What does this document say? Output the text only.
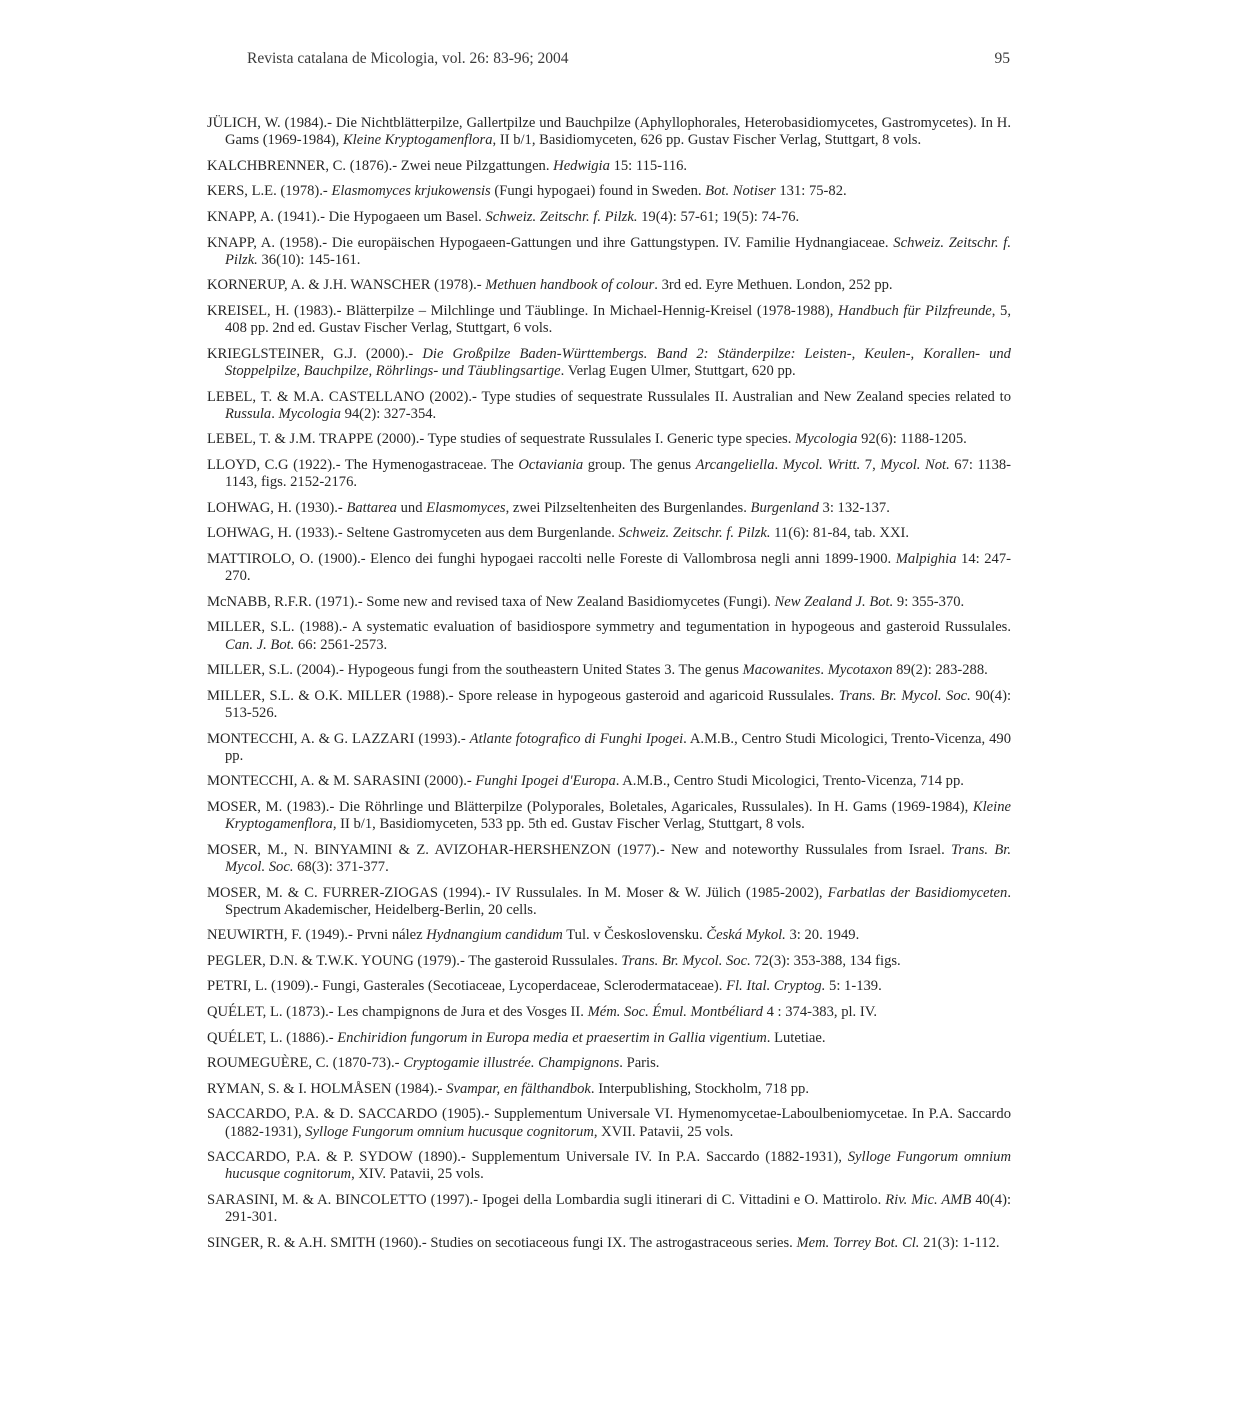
Revista catalana de Micologia, vol. 26: 83-96; 2004	95
JÜLICH, W. (1984).- Die Nichtblätterpilze, Gallertpilze und Bauchpilze (Aphyllophorales, Heterobasidiomycetes, Gastromycetes). In H. Gams (1969-1984), Kleine Kryptogamenflora, II b/1, Basidiomyceten, 626 pp. Gustav Fischer Verlag, Stuttgart, 8 vols.
KALCHBRENNER, C. (1876).- Zwei neue Pilzgattungen. Hedwigia 15: 115-116.
KERS, L.E. (1978).- Elasmomyces krjukowensis (Fungi hypogaei) found in Sweden. Bot. Notiser 131: 75-82.
KNAPP, A. (1941).- Die Hypogaeen um Basel. Schweiz. Zeitschr. f. Pilzk. 19(4): 57-61; 19(5): 74-76.
KNAPP, A. (1958).- Die europäischen Hypogaeen-Gattungen und ihre Gattungstypen. IV. Familie Hydnangiaceae. Schweiz. Zeitschr. f. Pilzk. 36(10): 145-161.
KORNERUP, A. & J.H. WANSCHER (1978).- Methuen handbook of colour. 3rd ed. Eyre Methuen. London, 252 pp.
KREISEL, H. (1983).- Blätterpilze – Milchlinge und Täublinge. In Michael-Hennig-Kreisel (1978-1988), Handbuch für Pilzfreunde, 5, 408 pp. 2nd ed. Gustav Fischer Verlag, Stuttgart, 6 vols.
KRIEGLSTEINER, G.J. (2000).- Die Großpilze Baden-Württembergs. Band 2: Ständerpilze: Leisten-, Keulen-, Korallen- und Stoppelpilze, Bauchpilze, Röhrlings- und Täublingsartige. Verlag Eugen Ulmer, Stuttgart, 620 pp.
LEBEL, T. & M.A. CASTELLANO (2002).- Type studies of sequestrate Russulales II. Australian and New Zealand species related to Russula. Mycologia 94(2): 327-354.
LEBEL, T. & J.M. TRAPPE (2000).- Type studies of sequestrate Russulales I. Generic type species. Mycologia 92(6): 1188-1205.
LLOYD, C.G (1922).- The Hymenogastraceae. The Octaviania group. The genus Arcangeliella. Mycol. Writt. 7, Mycol. Not. 67: 1138-1143, figs. 2152-2176.
LOHWAG, H. (1930).- Battarea und Elasmomyces, zwei Pilzseltenheiten des Burgenlandes. Burgenland 3: 132-137.
LOHWAG, H. (1933).- Seltene Gastromyceten aus dem Burgenlande. Schweiz. Zeitschr. f. Pilzk. 11(6): 81-84, tab. XXI.
MATTIROLO, O. (1900).- Elenco dei funghi hypogaei raccolti nelle Foreste di Vallombrosa negli anni 1899-1900. Malpighia 14: 247-270.
McNABB, R.F.R. (1971).- Some new and revised taxa of New Zealand Basidiomycetes (Fungi). New Zealand J. Bot. 9: 355-370.
MILLER, S.L. (1988).- A systematic evaluation of basidiospore symmetry and tegumentation in hypogeous and gasteroid Russulales. Can. J. Bot. 66: 2561-2573.
MILLER, S.L. (2004).- Hypogeous fungi from the southeastern United States 3. The genus Macowanites. Mycotaxon 89(2): 283-288.
MILLER, S.L. & O.K. MILLER (1988).- Spore release in hypogeous gasteroid and agaricoid Russulales. Trans. Br. Mycol. Soc. 90(4): 513-526.
MONTECCHI, A. & G. LAZZARI (1993).- Atlante fotografico di Funghi Ipogei. A.M.B., Centro Studi Micologici, Trento-Vicenza, 490 pp.
MONTECCHI, A. & M. SARASINI (2000).- Funghi Ipogei d'Europa. A.M.B., Centro Studi Micologici, Trento-Vicenza, 714 pp.
MOSER, M. (1983).- Die Röhrlinge und Blätterpilze (Polyporales, Boletales, Agaricales, Russulales). In H. Gams (1969-1984), Kleine Kryptogamenflora, II b/1, Basidiomyceten, 533 pp. 5th ed. Gustav Fischer Verlag, Stuttgart, 8 vols.
MOSER, M., N. BINYAMINI & Z. AVIZOHAR-HERSHENZON (1977).- New and noteworthy Russulales from Israel. Trans. Br. Mycol. Soc. 68(3): 371-377.
MOSER, M. & C. FURRER-ZIOGAS (1994).- IV Russulales. In M. Moser & W. Jülich (1985-2002), Farbatlas der Basidiomyceten. Spectrum Akademischer, Heidelberg-Berlin, 20 cells.
NEUWIRTH, F. (1949).- Prvni nález Hydnangium candidum Tul. v Československu. Česká Mykol. 3: 20. 1949.
PEGLER, D.N. & T.W.K. YOUNG (1979).- The gasteroid Russulales. Trans. Br. Mycol. Soc. 72(3): 353-388, 134 figs.
PETRI, L. (1909).- Fungi, Gasterales (Secotiaceae, Lycoperdaceae, Sclerodermataceae). Fl. Ital. Cryptog. 5: 1-139.
QUÉLET, L. (1873).- Les champignons de Jura et des Vosges II. Mém. Soc. Émul. Montbéliard 4 : 374-383, pl. IV.
QUÉLET, L. (1886).- Enchiridion fungorum in Europa media et praesertim in Gallia vigentium. Lutetiae.
ROUMEGUÈRE, C. (1870-73).- Cryptogamie illustrée. Champignons. Paris.
RYMAN, S. & I. HOLMÅSEN (1984).- Svampar, en fälthandbok. Interpublishing, Stockholm, 718 pp.
SACCARDO, P.A. & D. SACCARDO (1905).- Supplementum Universale VI. Hymenomycetae-Laboulbeniomycetae. In P.A. Saccardo (1882-1931), Sylloge Fungorum omnium hucusque cognitorum, XVII. Patavii, 25 vols.
SACCARDO, P.A. & P. SYDOW (1890).- Supplementum Universale IV. In P.A. Saccardo (1882-1931), Sylloge Fungorum omnium hucusque cognitorum, XIV. Patavii, 25 vols.
SARASINI, M. & A. BINCOLETTO (1997).- Ipogei della Lombardia sugli itinerari di C. Vittadini e O. Mattirolo. Riv. Mic. AMB 40(4): 291-301.
SINGER, R. & A.H. SMITH (1960).- Studies on secotiaceous fungi IX. The astrogastraceous series. Mem. Torrey Bot. Cl. 21(3): 1-112.
